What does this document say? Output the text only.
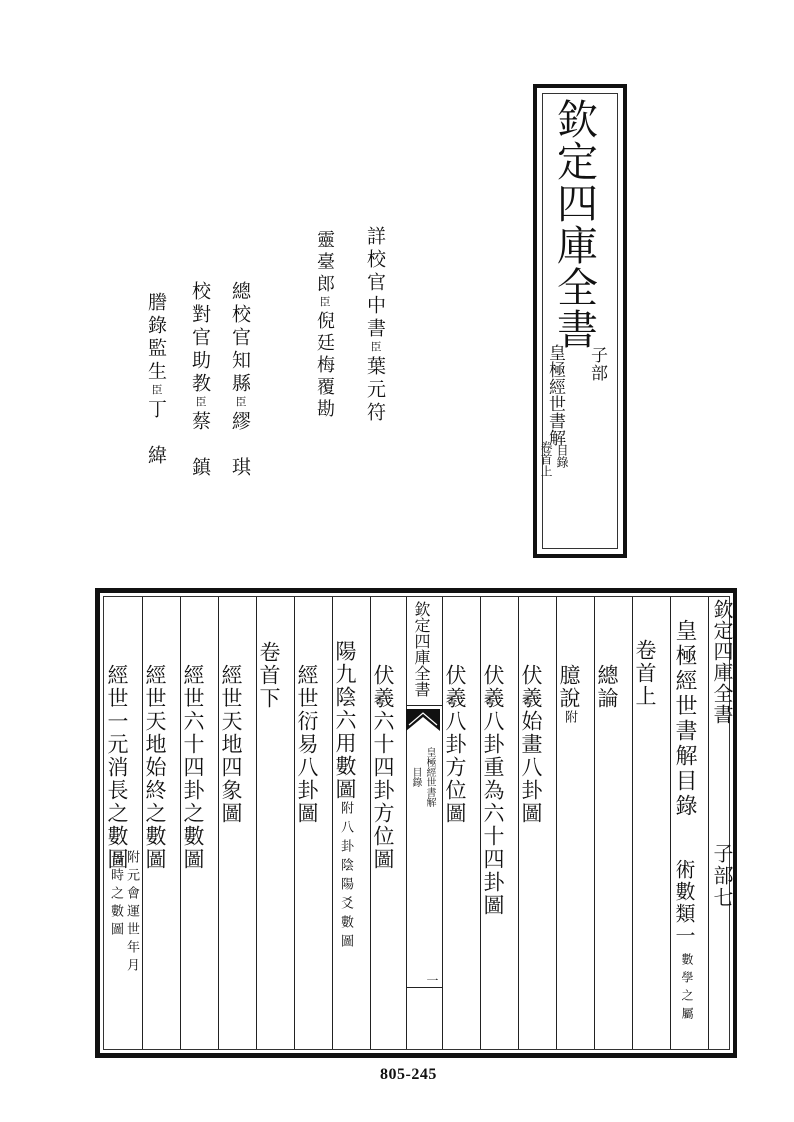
欽定四庫全書
子部
皇極經世書解
目錄
卷首上
詳校官中書臣葉元符
靈臺郎臣倪廷梅覆勘
總校官知縣臣繆　琪
校對官助教臣蔡　鎮
謄錄監生臣丁　緯
欽定四庫全書
子部七
皇極經世書解目錄
術數類一
數學之屬
卷首上
總論
臆說附
伏羲始畫八卦圖
伏羲八卦重為六十四卦圖
伏羲八卦方位圖
欽定四庫全書
皇極經世書解
目錄
一
伏羲六十四卦方位圖
陽九陰六用數圖附八卦陰陽爻數圖
經世衍易八卦圖
卷首下
經世天地四象圖
經世六十四卦之數圖
經世天地始終之數圖
經世一元消長之數圖
附元會運世年月
日時之數圖
805-245
